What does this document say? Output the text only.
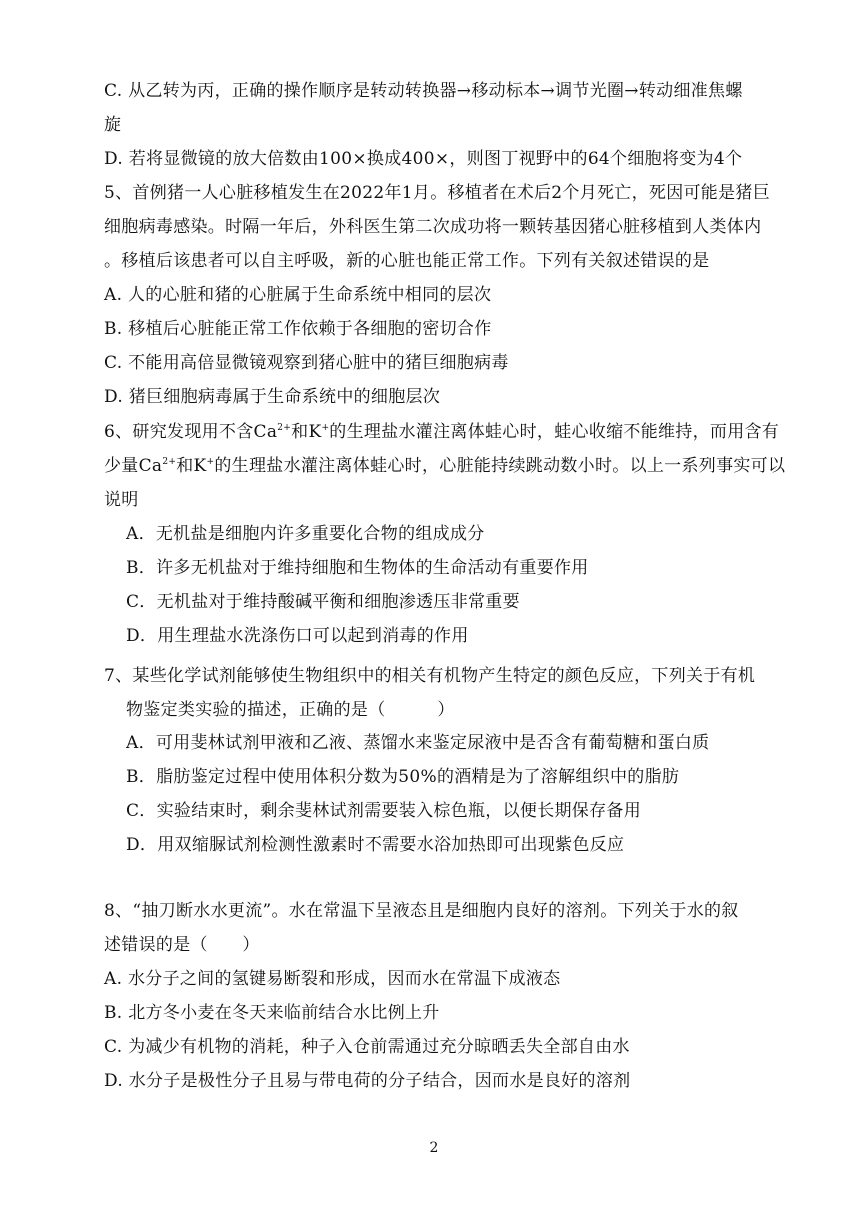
C. 从乙转为丙，正确的操作顺序是转动转换器→移动标本→调节光圈→转动细准焦螺
旋
D. 若将显微镜的放大倍数由100×换成400×，则图丁视野中的64个细胞将变为4个
5、首例猪一人心脏移植发生在2022年1月。移植者在术后2个月死亡，死因可能是猪巨
细胞病毒感染。时隔一年后，外科医生第二次成功将一颗转基因猪心脏移植到人类体内
。移植后该患者可以自主呼吸，新的心脏也能正常工作。下列有关叙述错误的是
A. 人的心脏和猪的心脏属于生命系统中相同的层次
B. 移植后心脏能正常工作依赖于各细胞的密切合作
C. 不能用高倍显微镜观察到猪心脏中的猪巨细胞病毒
D. 猪巨细胞病毒属于生命系统中的细胞层次
6、研究发现用不含$Ca^{2+}$和K+的生理盐水灌注离体蛙心时，蛙心收缩不能维持，而用含有
少量$Ca^{2+}$和K+的生理盐水灌注离体蛙心时，心脏能持续跳动数小时。以上一系列事实可以
说明
A．无机盐是细胞内许多重要化合物的组成成分
B．许多无机盐对于维持细胞和生物体的生命活动有重要作用
C．无机盐对于维持酸碱平衡和细胞渗透压非常重要
D．用生理盐水洗涤伤口可以起到消毒的作用
7、某些化学试剂能够使生物组织中的相关有机物产生特定的颜色反应，下列关于有机
物鉴定类实验的描述，正确的是（　　　）
A．可用斐林试剂甲液和乙液、蒸馏水来鉴定尿液中是否含有葡萄糖和蛋白质
B．脂肪鉴定过程中使用体积分数为50%的酒精是为了溶解组织中的脂肪
C．实验结束时，剩余斐林试剂需要装入棕色瓶，以便长期保存备用
D．用双缩脲试剂检测性激素时不需要水浴加热即可出现紫色反应
8、“抽刀断水水更流”。水在常温下呈液态且是细胞内良好的溶剂。下列关于水的叙
述错误的是（　　）
A. 水分子之间的氢键易断裂和形成，因而水在常温下成液态
B. 北方冬小麦在冬天来临前结合水比例上升
C. 为减少有机物的消耗，种子入仓前需通过充分晾晒丢失全部自由水
D. 水分子是极性分子且易与带电荷的分子结合，因而水是良好的溶剂
2
